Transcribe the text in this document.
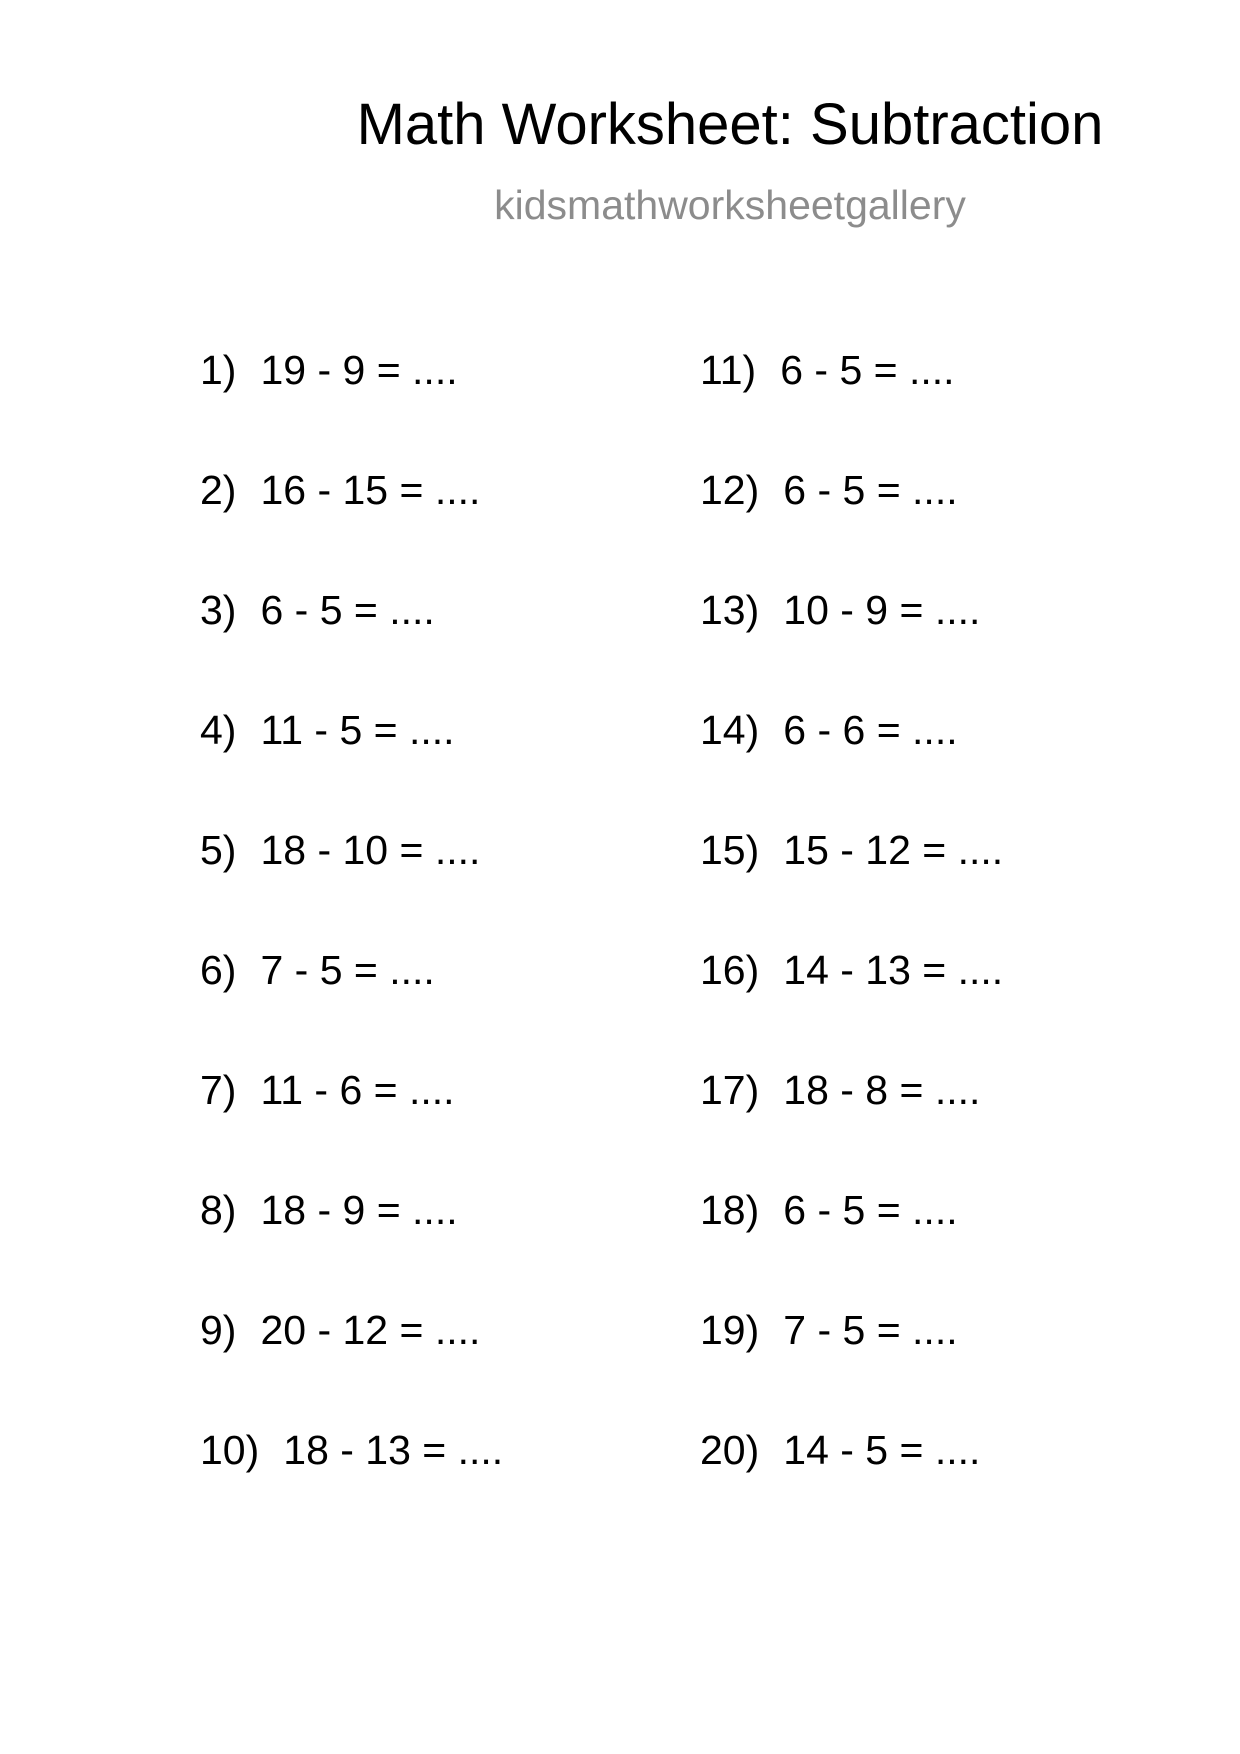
Math Worksheet: Subtraction
kidsmathworksheetgallery
1) 19 - 9 = ....
2) 16 - 15 = ....
3) 6 - 5 = ....
4) 11 - 5 = ....
5) 18 - 10 = ....
6) 7 - 5 = ....
7) 11 - 6 = ....
8) 18 - 9 = ....
9) 20 - 12 = ....
10) 18 - 13 = ....
11) 6 - 5 = ....
12) 6 - 5 = ....
13) 10 - 9 = ....
14) 6 - 6 = ....
15) 15 - 12 = ....
16) 14 - 13 = ....
17) 18 - 8 = ....
18) 6 - 5 = ....
19) 7 - 5 = ....
20) 14 - 5 = ....
